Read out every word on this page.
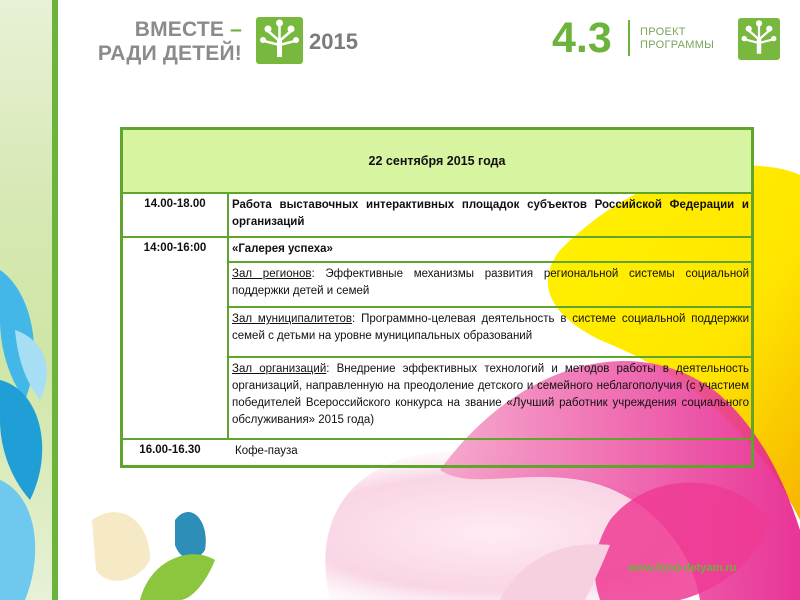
ВМЕСТЕ –
РАДИ ДЕТЕЙ!	2015	4.3	ПРОЕКТ
ПРОГРАММЫ
22 сентября 2015 года
14.00-18.00	Работа выставочных интерактивных площадок субъектов Российской Федерации и организаций
14:00-16:00	«Галерея успеха»
Зал регионов: Эффективные механизмы развития региональной системы социальной поддержки детей и семей
Зал муниципалитетов: Программно-целевая деятельность в системе социальной поддержки семей с детьми на уровне муниципальных образований
Зал организаций: Внедрение эффективных технологий и методов работы в деятельность организаций, направленную на преодоление детского и семейного неблагополучия (с участием победителей Всероссийского конкурса на звание «Лучший работник учреждения социального обслуживания» 2015 года)
16.00-16.30	Кофе-пауза
www.fond-detyam.ru
